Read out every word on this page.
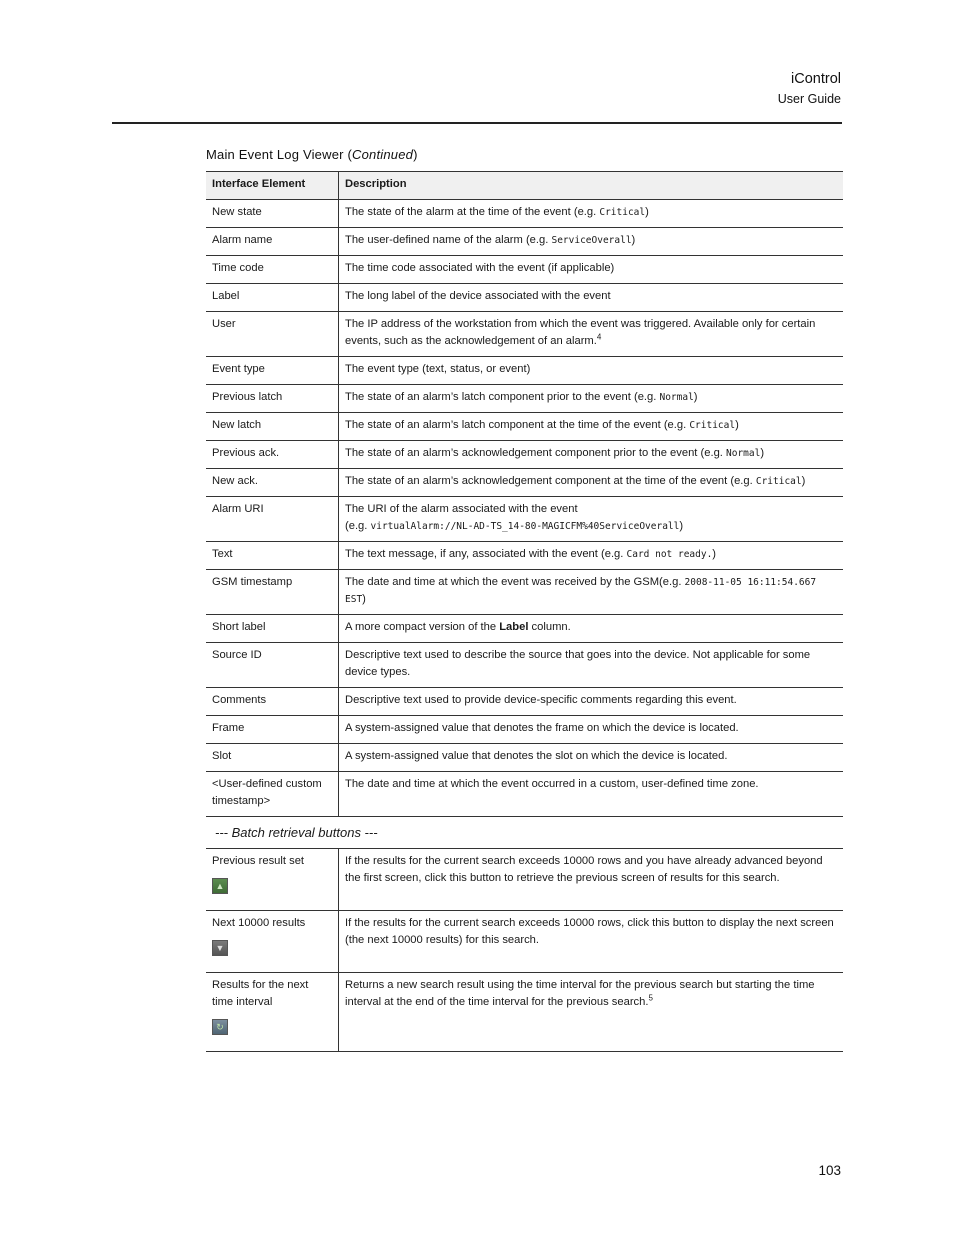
iControl
User Guide
Main Event Log Viewer (Continued)
Interface Element	Description
New state	The state of the alarm at the time of the event (e.g. Critical)
Alarm name	The user-defined name of the alarm (e.g. ServiceOverall)
Time code	The time code associated with the event (if applicable)
Label	The long label of the device associated with the event
User	The IP address of the workstation from which the event was triggered. Available only for certain events, such as the acknowledgement of an alarm.$^4$
Event type	The event type (text, status, or event)
Previous latch	The state of an alarm’s latch component prior to the event (e.g. Normal)
New latch	The state of an alarm’s latch component at the time of the event (e.g. Critical)
Previous ack.	The state of an alarm’s acknowledgement component prior to the event (e.g. Normal)
New ack.	The state of an alarm’s acknowledgement component at the time of the event (e.g. Critical)
Alarm URI	The URI of the alarm associated with the event
(e.g. virtualAlarm://NL-AD-TS_14-80-MAGICFM%40ServiceOverall)
Text	The text message, if any, associated with the event (e.g. Card not ready.)
GSM timestamp	The date and time at which the event was received by the GSM(e.g. 2008-11-05 16:11:54.667 EST)
Short label	A more compact version of the Label column.
Source ID	Descriptive text used to describe the source that goes into the device. Not applicable for some device types.
Comments	Descriptive text used to provide device-specific comments regarding this event.
Frame	A system-assigned value that denotes the frame on which the device is located.
Slot	A system-assigned value that denotes the slot on which the device is located.
<User-defined custom timestamp>	The date and time at which the event occurred in a custom, user-defined time zone.
--- Batch retrieval buttons ---	

Previous result set
▲	If the results for the current search exceeds 10000 rows and you have already advanced beyond the first screen, click this button to retrieve the previous screen of results for this search.

Next 10000 results
▼	If the results for the current search exceeds 10000 rows, click this button to display the next screen (the next 10000 results) for this search.

Results for the next time interval
↻	Returns a new search result using the time interval for the previous search but starting the time interval at the end of the time interval for the previous search.$^5$
103
